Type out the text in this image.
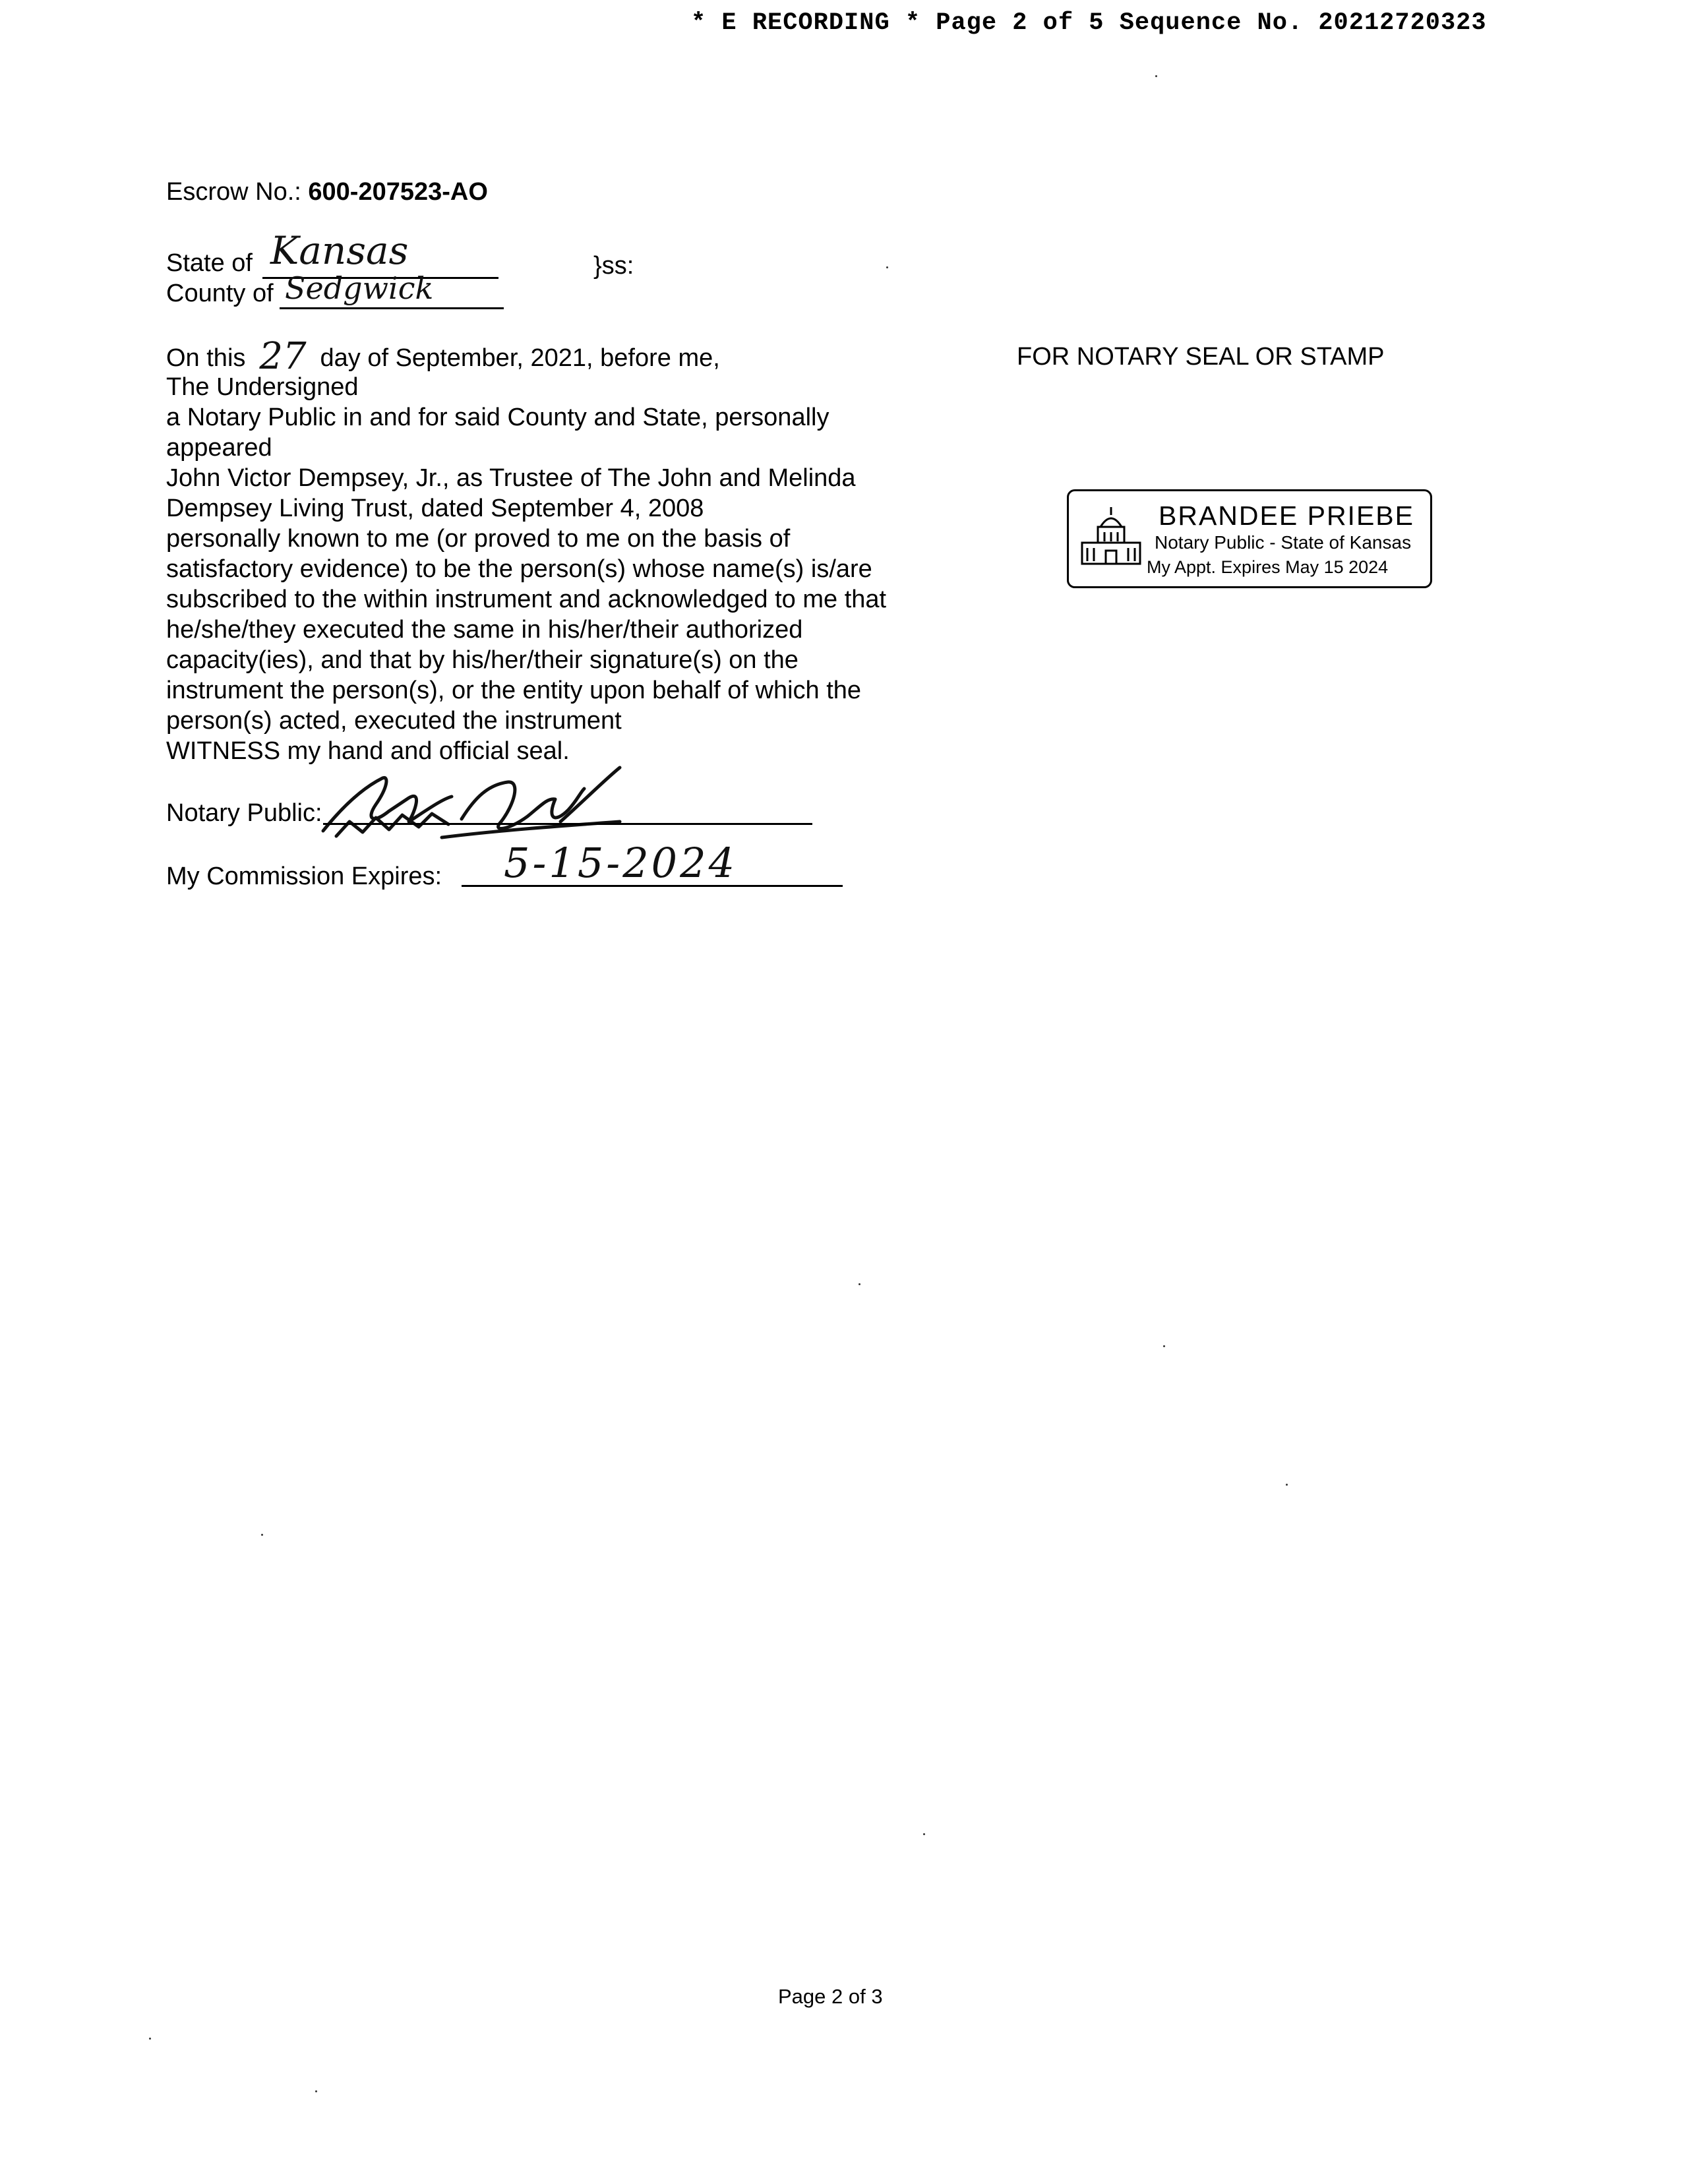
* E RECORDING * Page 2 of 5 Sequence No. 20212720323
Escrow No.: 600-207523-AO
State of Kansas	}ss:
County of Sedgwick
On this 27 day of September, 2021, before me,
The Undersigned
a Notary Public in and for said County and State, personally
appeared
John Victor Dempsey, Jr., as Trustee of The John and Melinda
Dempsey Living Trust, dated September 4, 2008
personally known to me (or proved to me on the basis of
satisfactory evidence) to be the person(s) whose name(s) is/are
subscribed to the within instrument and acknowledged to me that
he/she/they executed the same in his/her/their authorized
capacity(ies), and that by his/her/their signature(s) on the
instrument the person(s), or the entity upon behalf of which the
person(s) acted, executed the instrument
WITNESS my hand and official seal.
Notary Public:
My Commission Expires: 5-15-2024
FOR NOTARY SEAL OR STAMP
BRANDEE PRIEBE
Notary Public - State of Kansas
My Appt. Expires May 15 2024
Page 2 of 3
